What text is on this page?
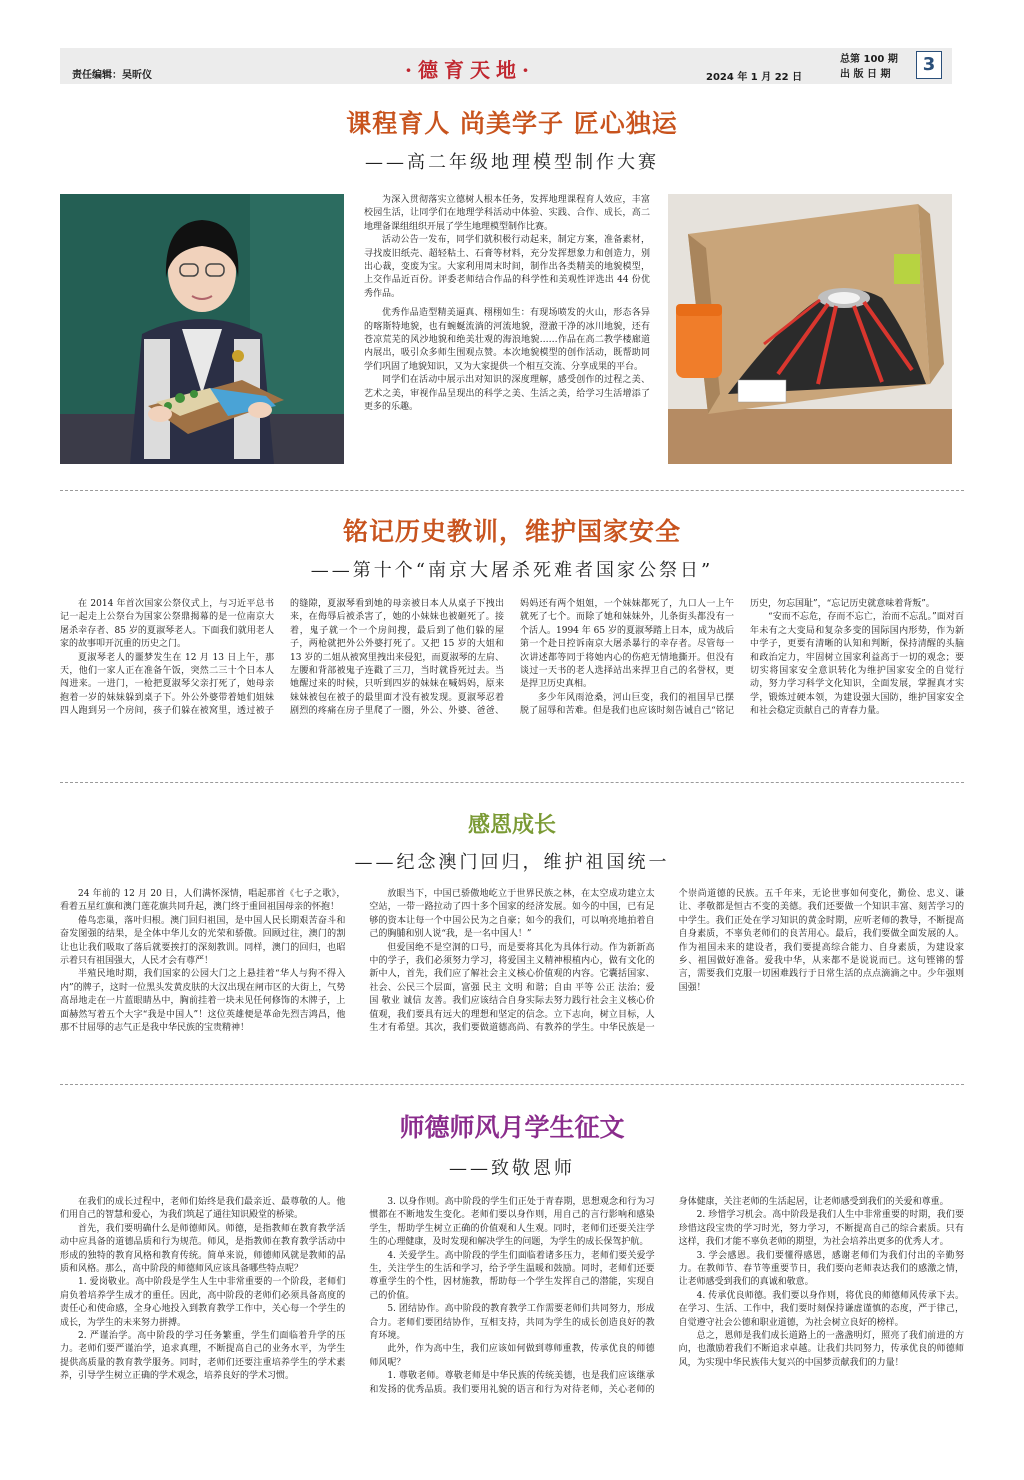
责任编辑：吴昕仪	·德育天地·	2024 年 1 月 22 日
总第 100 期
出 版 日 期	3
课程育人 尚美学子 匠心独运
——高二年级地理模型制作大赛

为深入贯彻落实立德树人根本任务，发挥地理课程育人效应，丰富校园生活，让同学们在地理学科活动中体验、实践、合作、成长，高二地理备课组组织开展了学生地理模型制作比赛。

活动公告一发布，同学们就积极行动起来，制定方案，准备素材，寻找废旧纸壳、超轻粘土、石膏等材料，充分发挥想象力和创造力，别出心裁，变废为宝。大家利用周末时间，制作出各类精美的地貌模型，上交作品近百份。评委老师结合作品的科学性和美观性评选出 44 份优秀作品。

优秀作品造型精美逼真、栩栩如生：有现场喷发的火山，形态各异的喀斯特地貌，也有蜿蜒流淌的河流地貌，澄澈干净的冰川地貌，还有苍凉荒芜的风沙地貌和绝美壮观的海浪地貌……作品在高二教学楼廊道内展出，吸引众多师生围观点赞。本次地貌模型的创作活动，既帮助同学们巩固了地貌知识，又为大家提供一个相互交流、分享成果的平台。

同学们在活动中展示出对知识的深度理解，感受创作的过程之美、艺术之美，审视作品呈现出的科学之美、生活之美，给学习生活增添了更多的乐趣。

铭记历史教训，维护国家安全
——第十个“南京大屠杀死难者国家公祭日”

在 2014 年首次国家公祭仪式上，与习近平总书记一起走上公祭台为国家公祭鼎揭幕的是一位南京大屠杀幸存者、85 岁的夏淑琴老人。下面我们就用老人家的故事叩开沉重的历史之门。

夏淑琴老人的噩梦发生在 12 月 13 日上午，那天，他们一家人正在准备午饭，突然二三十个日本人闯进来。一进门，一枪把夏淑琴父亲打死了，她母亲抱着一岁的妹妹躲到桌子下。外公外婆带着她们姐妹四人跑到另一个房间，孩子们躲在被窝里，透过被子的缝隙，夏淑琴看到她的母亲被日本人从桌子下拽出来，在侮辱后被杀害了，她的小妹妹也被砸死了。接着，鬼子就一个一个房间搜，最后到了他们躲的屋子，两枪就把外公外婆打死了。又把 15 岁的大姐和 13 岁的二姐从被窝里拽出来侵犯，而夏淑琴的左肩、左腰和背部被鬼子连戳了三刀，当时就昏死过去。当她醒过来的时候，只听到四岁的妹妹在喊妈妈，原来妹妹被包在被子的最里面才没有被发现。夏淑琴忍着剧烈的疼痛在房子里爬了一圈，外公、外婆、爸爸、妈妈还有两个姐姐，一个妹妹都死了，九口人一上午就死了七个。而除了她和妹妹外，儿条街头都没有一个活人。1994 年 65 岁的夏淑琴踏上日本，成为战后第一个赴日控诉南京大屠杀暴行的幸存者。尽管每一次讲述都等同于将她内心的伤疤无情地撕开。但没有谈过一天书的老人选择站出来捍卫自己的名誉权，更是捍卫历史真相。

多少年风雨沧桑，河山巨变，我们的祖国早已摆脱了屈辱和苦难。但是我们也应该时刻告诫自己“铭记历史，勿忘国耻”，“忘记历史就意味着背叛”。

“安而不忘危，存而不忘亡，治而不忘乱。”面对百年未有之大变局和复杂多变的国际国内形势，作为新中学子，更要有清晰的认知和判断，保持清醒的头脑和政治定力，牢固树立国家利益高于一切的观念；要切实将国家安全意识转化为维护国家安全的自觉行动，努力学习科学文化知识，全面发展，掌握真才实学，锻炼过硬本领，为建设强大国防，维护国家安全和社会稳定贡献自己的青春力量。

感恩成长
——纪念澳门回归，维护祖国统一

24 年前的 12 月 20 日，人们满怀深情，唱起那首《七子之歌》，看着五星红旗和澳门莲花旗共同升起，澳门终于重回祖国母亲的怀抱！

倦鸟恋巢，落叶归根。澳门回归祖国，是中国人民长期艰苦奋斗和奋发图强的结果，是全体中华儿女的光荣和骄傲。回顾过往，澳门的割让也让我们吸取了落后就要挨打的深刻教训。同样，澳门的回归，也昭示着只有祖国强大，人民才会有尊严！

半殖民地时期，我们国家的公园大门之上悬挂着“华人与狗不得入内”的牌子，这时一位黑头发黄皮肤的大汉出现在闸市区的大街上，气势高昂地走在一片蓝眼睛丛中，胸前挂着一块未见任何修饰的木牌子，上面赫然写着五个大字“我是中国人”！这位英雄便是革命先烈吉鸿昌，他那不甘屈辱的志气正是我中华民族的宝贵精神！

放眼当下，中国已骄傲地屹立于世界民族之林，在太空成功建立太空站，一带一路拉动了四十多个国家的经济发展。如今的中国，已有足够的资本让每一个中国公民为之自豪；如今的我们，可以响亮地拍着自己的胸脯和别人说“我，是一名中国人！”

但爱国绝不是空洞的口号，而是要将其化为具体行动。作为新新高中的学子，我们必须努力学习，将爱国主义精神根植内心，做有文化的新中人，首先，我们应了解社会主义核心价值观的内容。它囊括国家、社会、公民三个层面，富强 民主 文明 和谐；自由 平等 公正 法治；爱国 敬业 诚信 友善。我们应该结合自身实际去努力践行社会主义核心价值观，我们要具有远大的理想和坚定的信念。立下志向，树立目标，人生才有希望。其次，我们要做道德高尚、有教养的学生。中华民族是一个崇尚道德的民族。五千年来，无论世事如何变化，勤俭、忠义、谦让、孝敬都是恒古不变的美德。我们还要做一个知识丰富、刻苦学习的中学生。我们正处在学习知识的黄金时期，应听老师的教导，不断提高自身素质，不辜负老师们的良苦用心。最后，我们要做全面发展的人。作为祖国未来的建设者，我们要提高综合能力、自身素质，为建设家乡、祖国做好准备。爱我中华，从来都不是说说而已。这句铿锵的誓言，需要我们克服一切困难践行于日常生活的点点滴滴之中。少年强则国强！

师德师风月学生征文
——致敬恩师

在我们的成长过程中，老师们始终是我们最亲近、最尊敬的人。他们用自己的智慧和爱心，为我们筑起了通往知识殿堂的桥梁。

首先，我们要明确什么是师德师风。师德，是指教师在教育教学活动中应具备的道德品质和行为规范。师风，是指教师在教育教学活动中形成的独特的教育风格和教育传统。简单来说，师德师风就是教师的品质和风格。那么，高中阶段的师德师风应该具备哪些特点呢？

1. 爱岗敬业。高中阶段是学生人生中非常重要的一个阶段，老师们肩负着培养学生成才的重任。因此，高中阶段的老师们必须具备高度的责任心和使命感，全身心地投入到教育教学工作中，关心每一个学生的成长，为学生的未来努力拼搏。

2. 严谨治学。高中阶段的学习任务繁重，学生们面临着升学的压力。老师们要严谨治学，追求真理，不断提高自己的业务水平，为学生提供高质量的教育教学服务。同时，老师们还要注重培养学生的学术素养，引导学生树立正确的学术观念，培养良好的学术习惯。

3. 以身作则。高中阶段的学生们正处于青春期，思想观念和行为习惯都在不断地发生变化。老师们要以身作则，用自己的言行影响和感染学生，帮助学生树立正确的价值观和人生观。同时，老师们还要关注学生的心理健康，及时发现和解决学生的问题，为学生的成长保驾护航。

4. 关爱学生。高中阶段的学生们面临着诸多压力，老师们要关爱学生，关注学生的生活和学习，给予学生温暖和鼓励。同时，老师们还要尊重学生的个性，因材施教，帮助每一个学生发挥自己的潜能，实现自己的价值。

5. 团结协作。高中阶段的教育教学工作需要老师们共同努力，形成合力。老师们要团结协作，互相支持，共同为学生的成长创造良好的教育环境。

此外，作为高中生，我们应该如何做到尊师重教，传承优良的师德师风呢？

1. 尊敬老师。尊敬老师是中华民族的传统美德，也是我们应该继承和发扬的优秀品质。我们要用礼貌的语言和行为对待老师，关心老师的身体健康，关注老师的生活起居，让老师感受到我们的关爱和尊重。

2. 珍惜学习机会。高中阶段是我们人生中非常重要的时期，我们要珍惜这段宝贵的学习时光，努力学习，不断提高自己的综合素质。只有这样，我们才能不辜负老师的期望，为社会培养出更多的优秀人才。

3. 学会感恩。我们要懂得感恩，感谢老师们为我们付出的辛勤努力。在教师节、春节等重要节日，我们要向老师表达我们的感激之情，让老师感受到我们的真诚和敬意。

4. 传承优良师德。我们要以身作则，将优良的师德师风传承下去。在学习、生活、工作中，我们要时刻保持谦虚谨慎的态度，严于律己，自觉遵守社会公德和职业道德，为社会树立良好的榜样。

总之，恩师是我们成长道路上的一盏盏明灯，照亮了我们前进的方向，也激励着我们不断追求卓越。让我们共同努力，传承优良的师德师风，为实现中华民族伟大复兴的中国梦贡献我们的力量！
